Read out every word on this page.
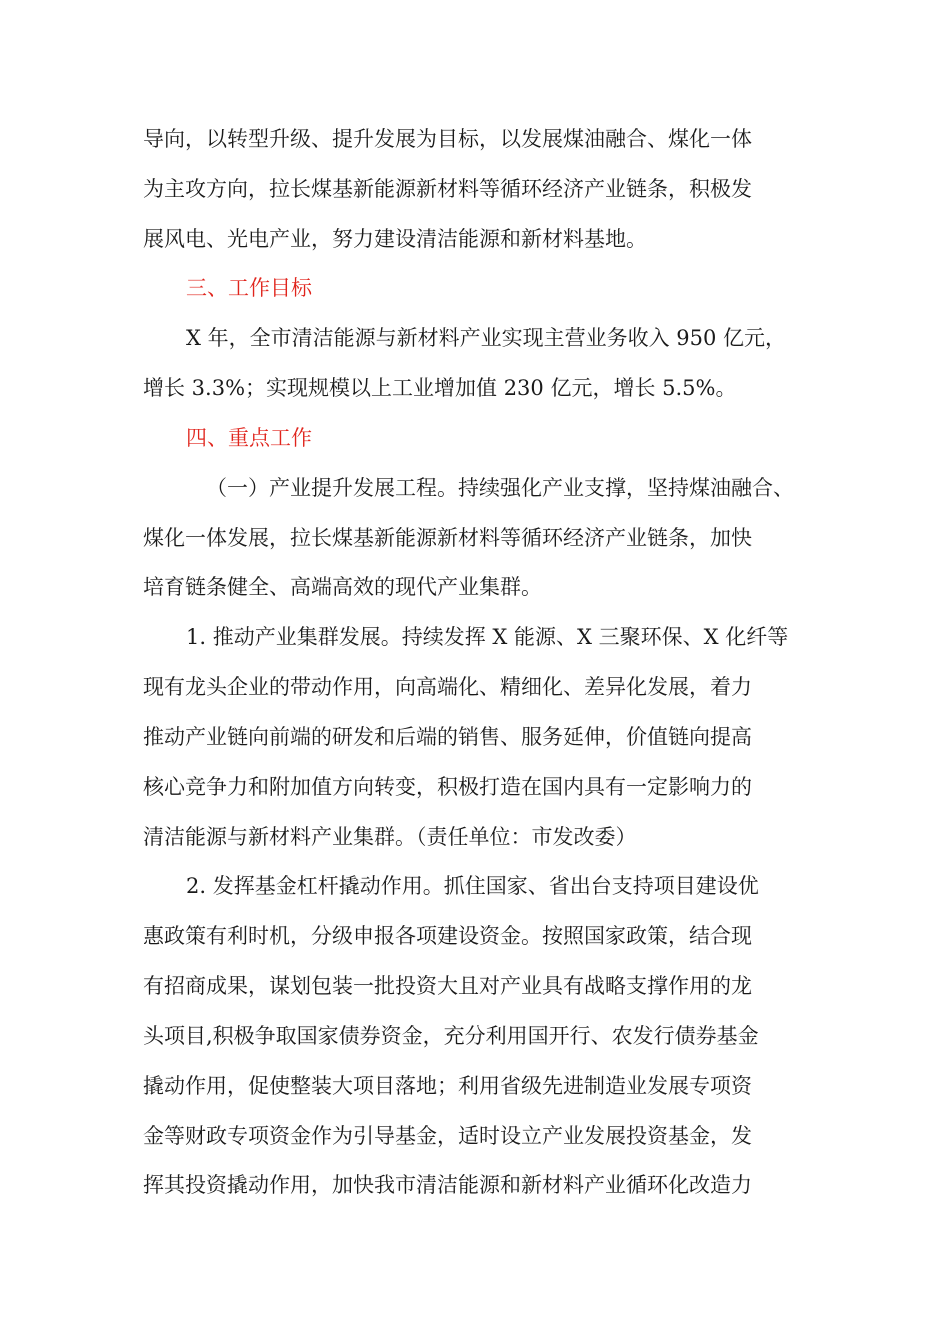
导向，以转型升级、提升发展为目标，以发展煤油融合、煤化一体
为主攻方向，拉长煤基新能源新材料等循环经济产业链条，积极发
展风电、光电产业，努力建设清洁能源和新材料基地。
三、工作目标
X 年，全市清洁能源与新材料产业实现主营业务收入 950 亿元，
增长 3.3%；实现规模以上工业增加值 230 亿元，增长 5.5%。
四、重点工作
（一）产业提升发展工程。持续强化产业支撑，坚持煤油融合、
煤化一体发展，拉长煤基新能源新材料等循环经济产业链条，加快
培育链条健全、高端高效的现代产业集群。
1. 推动产业集群发展。持续发挥 X 能源、X 三聚环保、X 化纤等
现有龙头企业的带动作用，向高端化、精细化、差异化发展，着力
推动产业链向前端的研发和后端的销售、服务延伸，价值链向提高
核心竞争力和附加值方向转变，积极打造在国内具有一定影响力的
清洁能源与新材料产业集群。（责任单位：市发改委）
2. 发挥基金杠杆撬动作用。抓住国家、省出台支持项目建设优
惠政策有利时机，分级申报各项建设资金。按照国家政策，结合现
有招商成果，谋划包装一批投资大且对产业具有战略支撑作用的龙
头项目,积极争取国家债券资金，充分利用国开行、农发行债券基金
撬动作用，促使整装大项目落地；利用省级先进制造业发展专项资
金等财政专项资金作为引导基金，适时设立产业发展投资基金，发
挥其投资撬动作用，加快我市清洁能源和新材料产业循环化改造力
